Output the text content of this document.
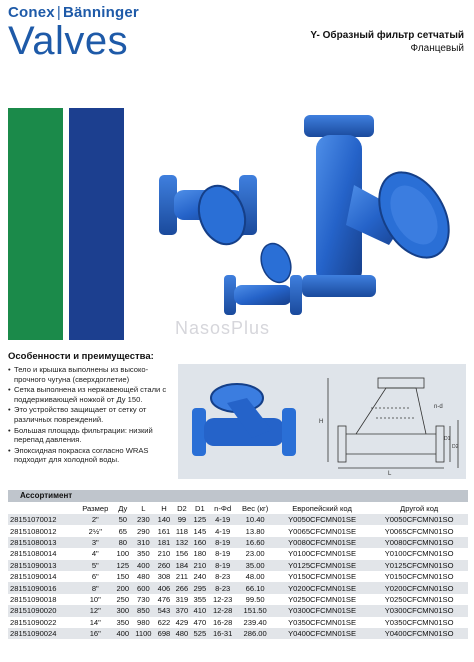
Conex | Bänninger
Valves	Y- Образный фильтр сетчатый
Фланцевый
NasosPlus
Особенности и преимущества:
• Тело и крышка выполнены из высоко-прочного чугуна (сверхдоглетие)
• Сетка выполнена из нержавеющей стали с поддерживающей ножкой от Ду 150.
• Это устройство защищает от сетку от различных повреждений.
• Большая площадь фильтрации: низкий перепад давления.
• Эпоксидная покраска согласно WRAS подходит для холодной воды.
H
L
n-d
D1
D2
Ассортимент
	Размер	Ду	L	H	D2	D1	n-Φd	Вес (кг)	Европейский код	Другой код
28151070012	2"	50	230	140	99	125	4-19	10.40	Y0050CFCMN01SE	Y0050CFCMN01SO
28151080012	2½"	65	290	161	118	145	4-19	13.80	Y0065CFCMN01SE	Y0065CFCMN01SO
28151080013	3"	80	310	181	132	160	8-19	16.60	Y0080CFCMN01SE	Y0080CFCMN01SO
28151080014	4"	100	350	210	156	180	8-19	23.00	Y0100CFCMN01SE	Y0100CFCMN01SO
28151090013	5"	125	400	260	184	210	8-19	35.00	Y0125CFCMN01SE	Y0125CFCMN01SO
28151090014	6"	150	480	308	211	240	8-23	48.00	Y0150CFCMN01SE	Y0150CFCMN01SO
28151090016	8"	200	600	406	266	295	8-23	66.10	Y0200CFCMN01SE	Y0200CFCMN01SO
28151090018	10"	250	730	476	319	355	12-23	99.50	Y0250CFCMN01SE	Y0250CFCMN01SO
28151090020	12"	300	850	543	370	410	12-28	151.50	Y0300CFCMN01SE	Y0300CFCMN01SO
28151090022	14"	350	980	622	429	470	16-28	239.40	Y0350CFCMN01SE	Y0350CFCMN01SO
28151090024	16"	400	1100	698	480	525	16-31	286.00	Y0400CFCMN01SE	Y0400CFCMN01SO
